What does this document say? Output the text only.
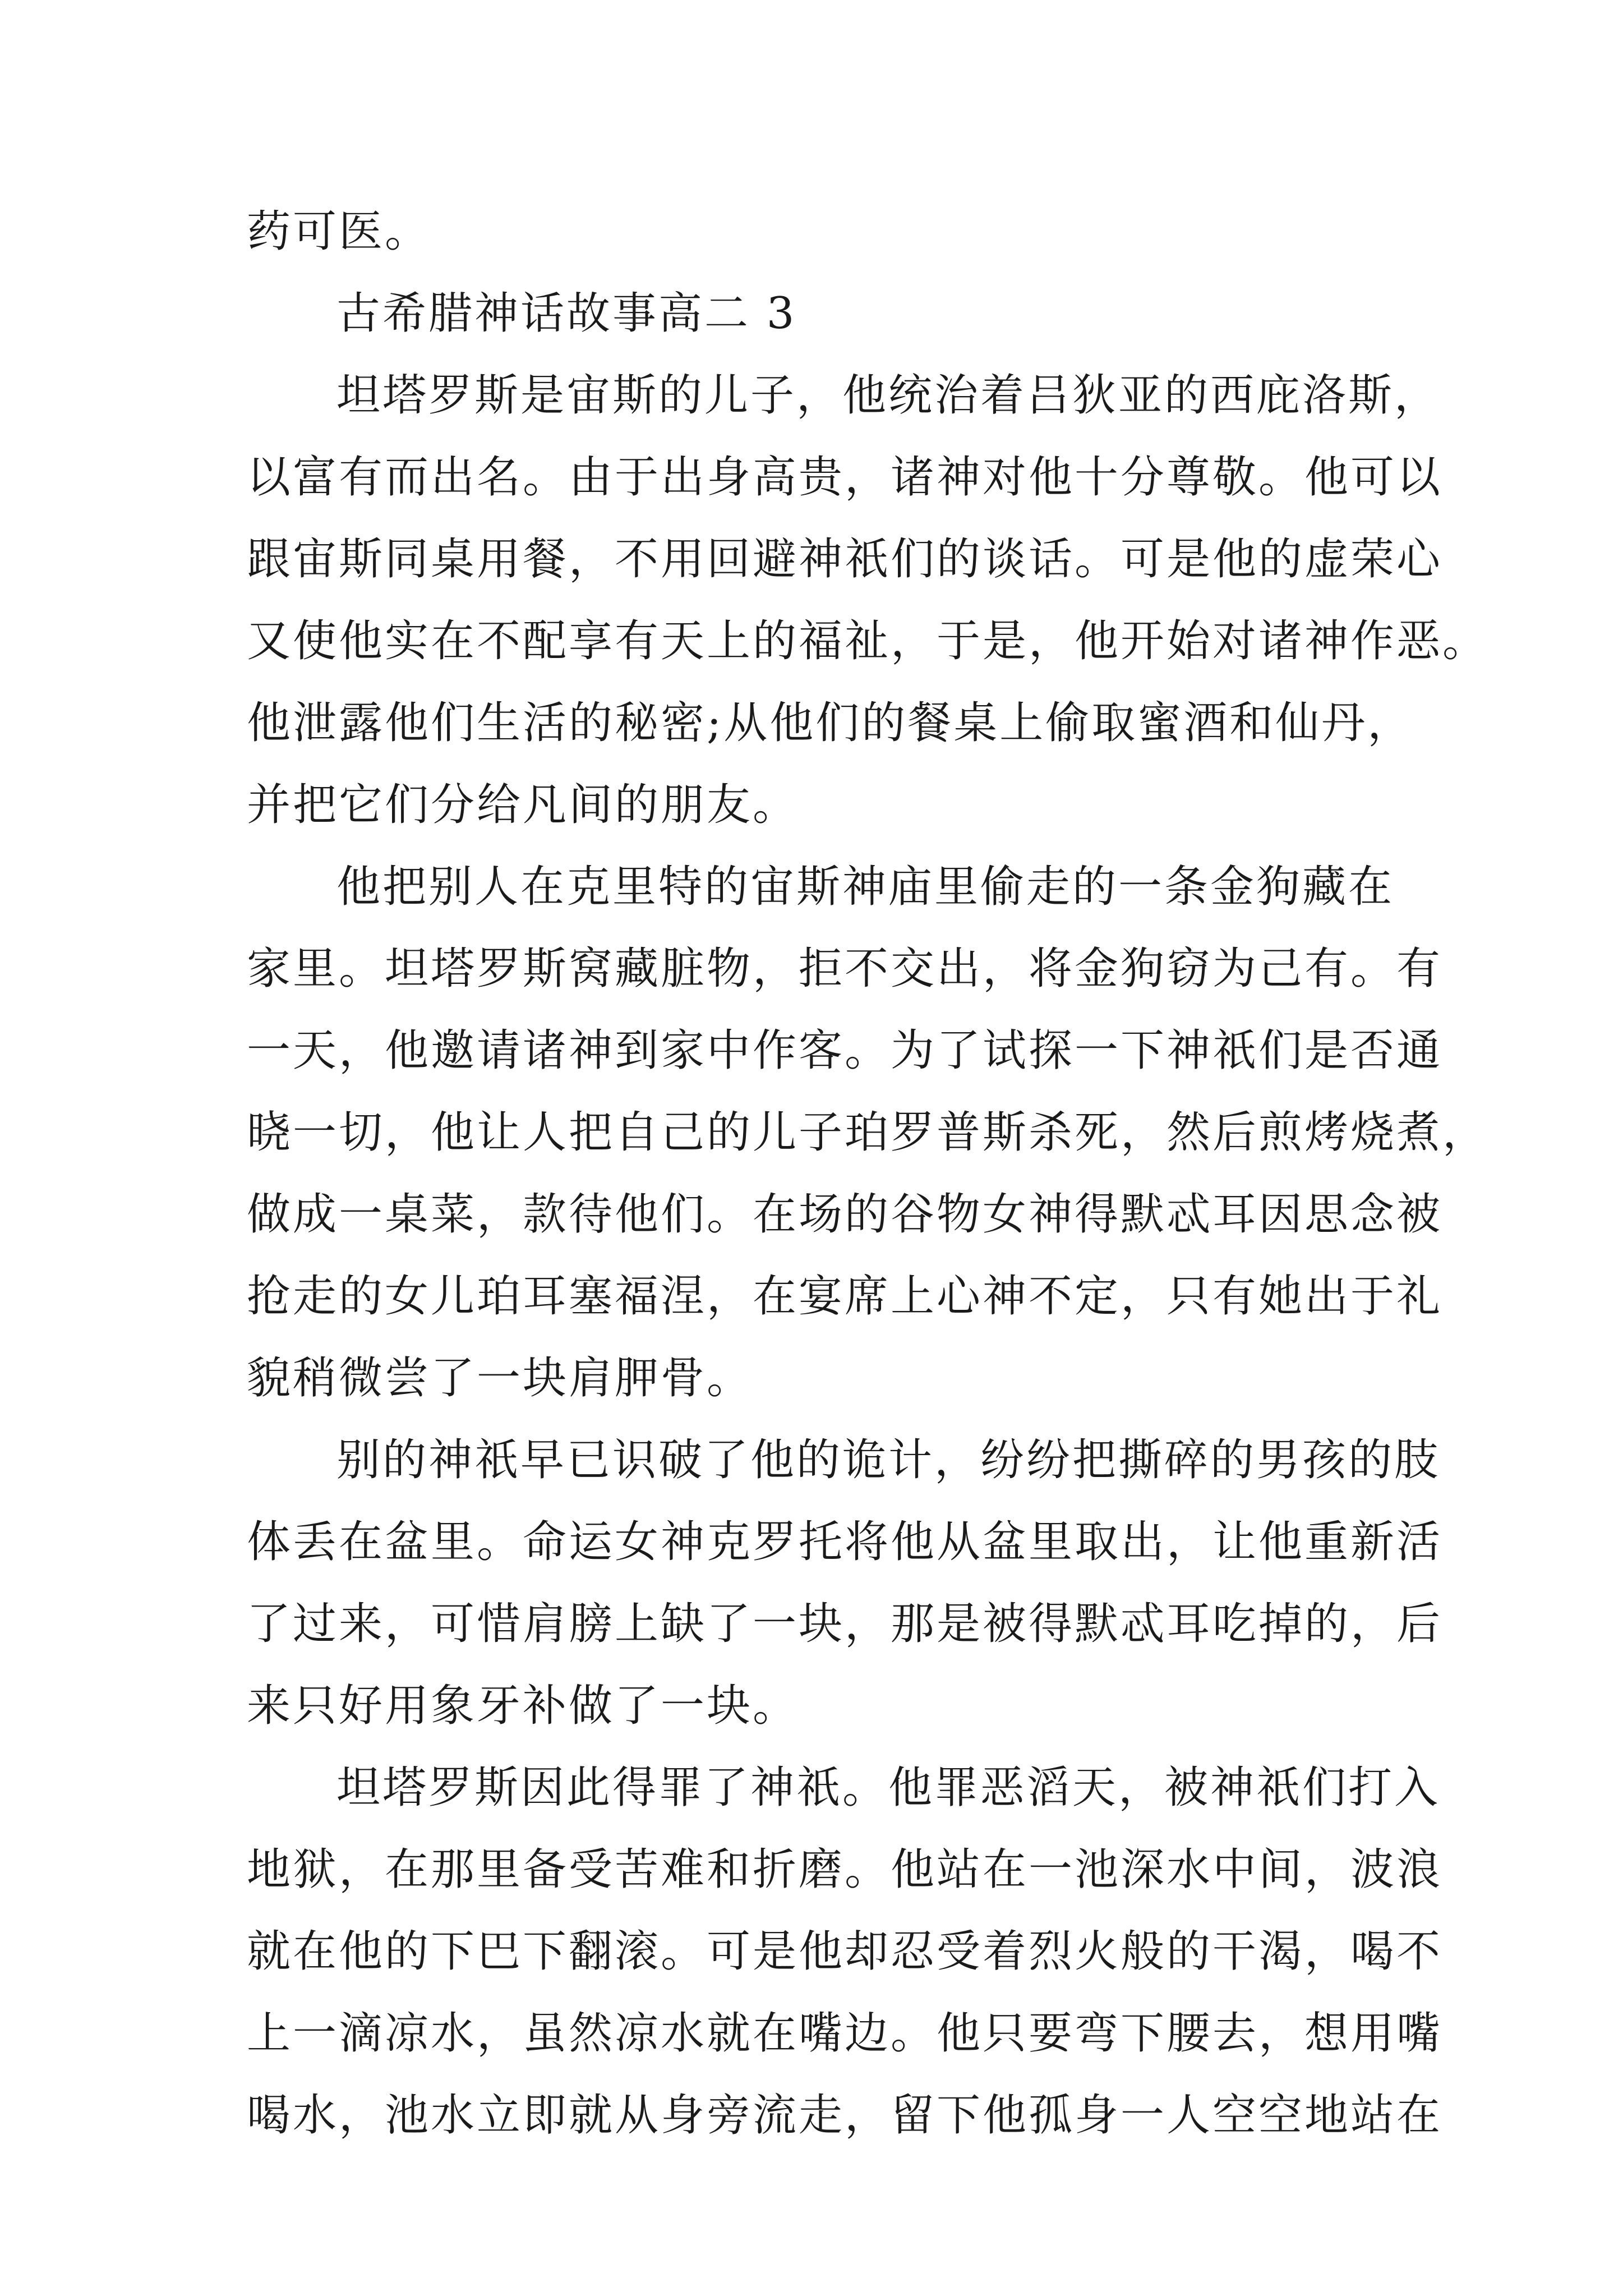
药可医。
古希腊神话故事高二 3
坦塔罗斯是宙斯的儿子，他统治着吕狄亚的西庇洛斯，
以富有而出名。由于出身高贵，诸神对他十分尊敬。他可以
跟宙斯同桌用餐，不用回避神祇们的谈话。可是他的虚荣心
又使他实在不配享有天上的福祉，于是，他开始对诸神作恶。
他泄露他们生活的秘密;从他们的餐桌上偷取蜜酒和仙丹，
并把它们分给凡间的朋友。
他把别人在克里特的宙斯神庙里偷走的一条金狗藏在
家里。坦塔罗斯窝藏脏物，拒不交出，将金狗窃为己有。有
一天，他邀请诸神到家中作客。为了试探一下神祇们是否通
晓一切，他让人把自己的儿子珀罗普斯杀死，然后煎烤烧煮，
做成一桌菜，款待他们。在场的谷物女神得默忒耳因思念被
抢走的女儿珀耳塞福涅，在宴席上心神不定，只有她出于礼
貌稍微尝了一块肩胛骨。
别的神祇早已识破了他的诡计，纷纷把撕碎的男孩的肢
体丢在盆里。命运女神克罗托将他从盆里取出，让他重新活
了过来，可惜肩膀上缺了一块，那是被得默忒耳吃掉的，后
来只好用象牙补做了一块。
坦塔罗斯因此得罪了神祇。他罪恶滔天，被神祇们打入
地狱，在那里备受苦难和折磨。他站在一池深水中间，波浪
就在他的下巴下翻滚。可是他却忍受着烈火般的干渴，喝不
上一滴凉水，虽然凉水就在嘴边。他只要弯下腰去，想用嘴
喝水，池水立即就从身旁流走，留下他孤身一人空空地站在
